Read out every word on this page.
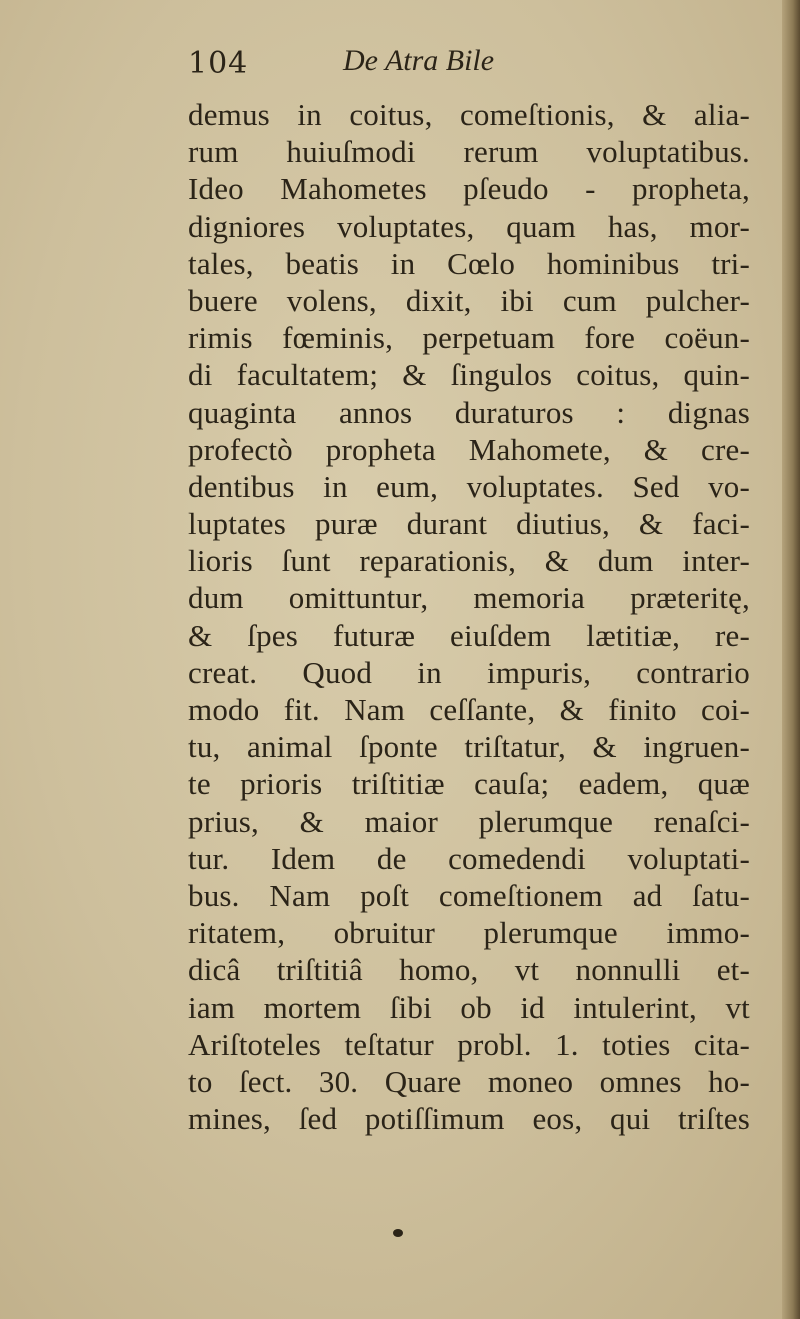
104	De Atra Bile
demus in coitus, comeſtionis, & alia-
rum huiuſmodi rerum voluptatibus.
Ideo Mahometes pſeudo - propheta,
digniores voluptates, quam has, mor-
tales, beatis in Cœlo hominibus tri-
buere volens, dixit, ibi cum pulcher-
rimis fœminis, perpetuam fore coëun-
di facultatem; & ſingulos coitus, quin-
quaginta annos duraturos : dignas
profectò propheta Mahomete, & cre-
dentibus in eum, voluptates. Sed vo-
luptates puræ durant diutius, & faci-
lioris ſunt reparationis, & dum inter-
dum omittuntur, memoria præteritę,
& ſpes futuræ eiuſdem lætitiæ, re-
creat. Quod in impuris, contrario
modo fit. Nam ceſſante, & finito coi-
tu, animal ſponte triſtatur, & ingruen-
te prioris triſtitiæ cauſa; eadem, quæ
prius, & maior plerumque renaſci-
tur. Idem de comedendi voluptati-
bus. Nam poſt comeſtionem ad ſatu-
ritatem, obruitur plerumque immo-
dicâ triſtitiâ homo, vt nonnulli et-
iam mortem ſibi ob id intulerint, vt
Ariſtoteles teſtatur probl. 1. toties cita-
to ſect. 30. Quare moneo omnes ho-
mines, ſed potiſſimum eos, qui triſtes
